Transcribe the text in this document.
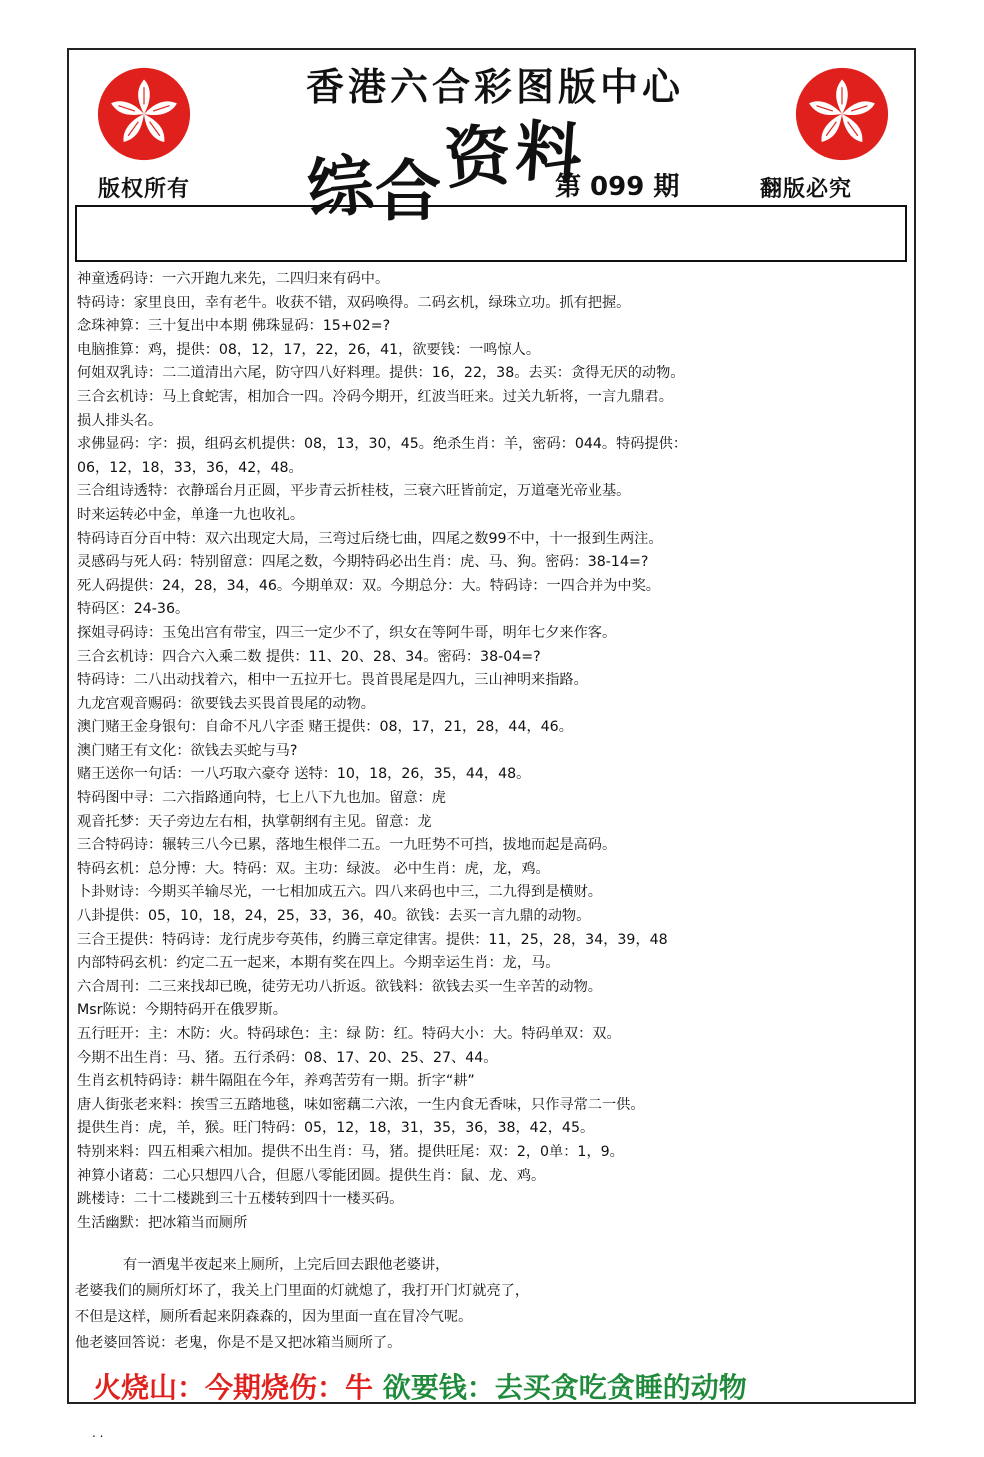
香港六合彩图版中心
综合资料
版权所有	第 099 期	翻版必究
神童透码诗：一六开跑九来先，二四归来有码中。
特码诗：家里良田，幸有老牛。收获不错，双码唤得。二码玄机，绿珠立功。抓有把握。
念珠神算：三十复出中本期 佛珠显码：15+02=?
电脑推算：鸡，提供：08，12，17，22，26，41，欲要钱：一鸣惊人。
何姐双乳诗：二二道清出六尾，防守四八好料理。提供：16，22，38。去买：贪得无厌的动物。
三合玄机诗：马上食蛇害，相加合一四。冷码今期开，红波当旺来。过关九斩将，一言九鼎君。
损人排头名。
求佛显码：字：损，组码玄机提供：08，13，30，45。绝杀生肖：羊，密码：044。特码提供：
06，12，18，33，36，42，48。
三合组诗透特：衣静瑶台月正圆，平步青云折桂枝，三衰六旺皆前定，万道毫光帝业基。
时来运转必中金，单逢一九也收礼。
特码诗百分百中特：双六出现定大局，三弯过后绕七曲，四尾之数99不中，十一报到生两注。
灵感码与死人码：特别留意：四尾之数，今期特码必出生肖：虎、马、狗。密码：38-14=?
死人码提供：24，28，34，46。今期单双：双。今期总分：大。特码诗：一四合并为中奖。
特码区：24-36。
探姐寻码诗：玉兔出宫有带宝，四三一定少不了，织女在等阿牛哥，明年七夕来作客。
三合玄机诗：四合六入乘二数 提供：11、20、28、34。密码：38-04=?
特码诗：二八出动找着六，相中一五拉开七。畏首畏尾是四九，三山神明来指路。
九龙宫观音赐码：欲要钱去买畏首畏尾的动物。
澳门赌王金身银句：自命不凡八字歪 赌王提供：08，17，21，28，44，46。
澳门赌王有文化：欲钱去买蛇与马?
赌王送你一句话：一八巧取六豪夺 送特：10，18，26，35，44，48。
特码图中寻：二六指路通向特，七上八下九也加。留意：虎
观音托梦：天子旁边左右相，执掌朝纲有主见。留意：龙
三合特码诗：辗转三八今已累，落地生根伴二五。一九旺势不可挡，拔地而起是高码。
特码玄机：总分博：大。特码：双。主功：绿波。 必中生肖：虎，龙，鸡。
卜卦财诗：今期买羊输尽光，一七相加成五六。四八来码也中三，二九得到是横财。
八卦提供：05，10，18，24，25，33，36，40。欲钱：去买一言九鼎的动物。
三合王提供：特码诗：龙行虎步夸英伟，约腾三章定律害。提供：11，25，28，34，39，48
内部特码玄机：约定二五一起来，本期有奖在四上。今期幸运生肖：龙，马。
六合周刊：二三来找却已晚，徒劳无功八折返。欲钱料：欲钱去买一生辛苦的动物。
Msr陈说：今期特码开在俄罗斯。
五行旺开：主：木防：火。特码球色：主：绿 防：红。特码大小：大。特码单双：双。
今期不出生肖：马、猪。五行杀码：08、17、20、25、27、44。
生肖玄机特码诗：耕牛隔阻在今年，养鸡苦劳有一期。折字“耕”
唐人街张老来料：挨雪三五踏地毯，味如密藕二六浓，一生内食无香味，只作寻常二一供。
提供生肖：虎，羊，猴。旺门特码：05，12，18，31，35，36，38，42，45。
特别来料：四五相乘六相加。提供不出生肖：马，猪。提供旺尾：双：2，0单：1，9。
神算小诸葛：二心只想四八合，但愿八零能团圆。提供生肖：鼠、龙、鸡。
跳楼诗：二十二楼跳到三十五楼转到四十一楼买码。
生活幽默：把冰箱当而厕所
有一酒鬼半夜起来上厕所，上完后回去跟他老婆讲，
老婆我们的厕所灯坏了，我关上门里面的灯就熄了，我打开门灯就亮了，
不但是这样，厕所看起来阴森森的，因为里面一直在冒冷气呢。
他老婆回答说：老鬼，你是不是又把冰箱当厕所了。
火烧山：今期烧伤：牛 欲要钱：去买贪吃贪睡的动物
. .
